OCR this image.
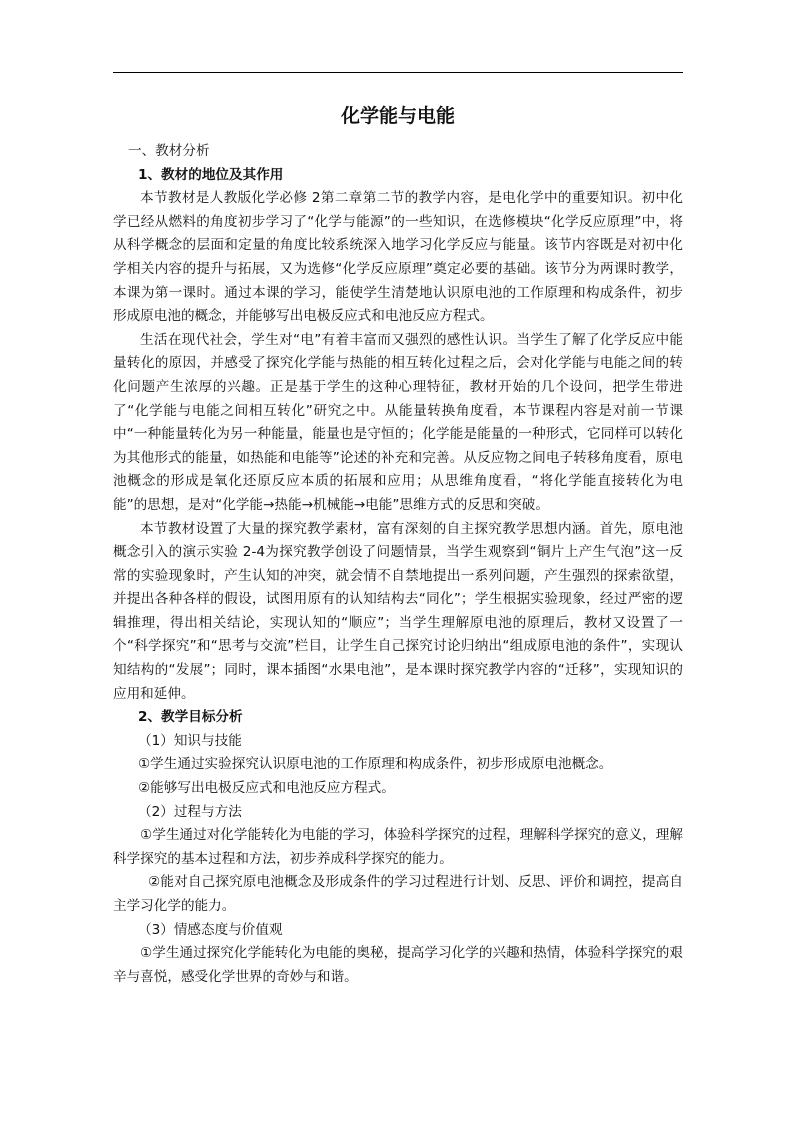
化学能与电能

一、教材分析

1、教材的地位及其作用

本节教材是人教版化学必修 2第二章第二节的教学内容，是电化学中的重要知识。初中化学已经从燃料的角度初步学习了“化学与能源”的一些知识，在选修模块“化学反应原理”中，将从科学概念的层面和定量的角度比较系统深入地学习化学反应与能量。该节内容既是对初中化学相关内容的提升与拓展，又为选修“化学反应原理”奠定必要的基础。该节分为两课时教学，本课为第一课时。通过本课的学习，能使学生清楚地认识原电池的工作原理和构成条件，初步形成原电池的概念，并能够写出电极反应式和电池反应方程式。

生活在现代社会，学生对“电”有着丰富而又强烈的感性认识。当学生了解了化学反应中能量转化的原因，并感受了探究化学能与热能的相互转化过程之后，会对化学能与电能之间的转化问题产生浓厚的兴趣。正是基于学生的这种心理特征，教材开始的几个设问，把学生带进了“化学能与电能之间相互转化”研究之中。从能量转换角度看，本节课程内容是对前一节课中“一种能量转化为另一种能量，能量也是守恒的；化学能是能量的一种形式，它同样可以转化为其他形式的能量，如热能和电能等”论述的补充和完善。从反应物之间电子转移角度看，原电池概念的形成是氧化还原反应本质的拓展和应用；从思维角度看，“将化学能直接转化为电能”的思想，是对“化学能→热能→机械能→电能”思维方式的反思和突破。

本节教材设置了大量的探究教学素材，富有深刻的自主探究教学思想内涵。首先，原电池概念引入的演示实验 2-4为探究教学创设了问题情景，当学生观察到“铜片上产生气泡”这一反常的实验现象时，产生认知的冲突，就会情不自禁地提出一系列问题，产生强烈的探索欲望，并提出各种各样的假设，试图用原有的认知结构去“同化”；学生根据实验现象，经过严密的逻辑推理，得出相关结论，实现认知的“顺应”；当学生理解原电池的原理后，教材又设置了一个“科学探究”和“思考与交流”栏目，让学生自己探究讨论归纳出“组成原电池的条件”，实现认知结构的“发展”；同时，课本插图“水果电池”，是本课时探究教学内容的“迁移”，实现知识的应用和延伸。

2、教学目标分析

（1）知识与技能

①学生通过实验探究认识原电池的工作原理和构成条件，初步形成原电池概念。

②能够写出电极反应式和电池反应方程式。

（2）过程与方法

①学生通过对化学能转化为电能的学习，体验科学探究的过程，理解科学探究的意义，理解科学探究的基本过程和方法，初步养成科学探究的能力。

②能对自己探究原电池概念及形成条件的学习过程进行计划、反思、评价和调控，提高自主学习化学的能力。

（3）情感态度与价值观

①学生通过探究化学能转化为电能的奥秘，提高学习化学的兴趣和热情，体验科学探究的艰辛与喜悦，感受化学世界的奇妙与和谐。
